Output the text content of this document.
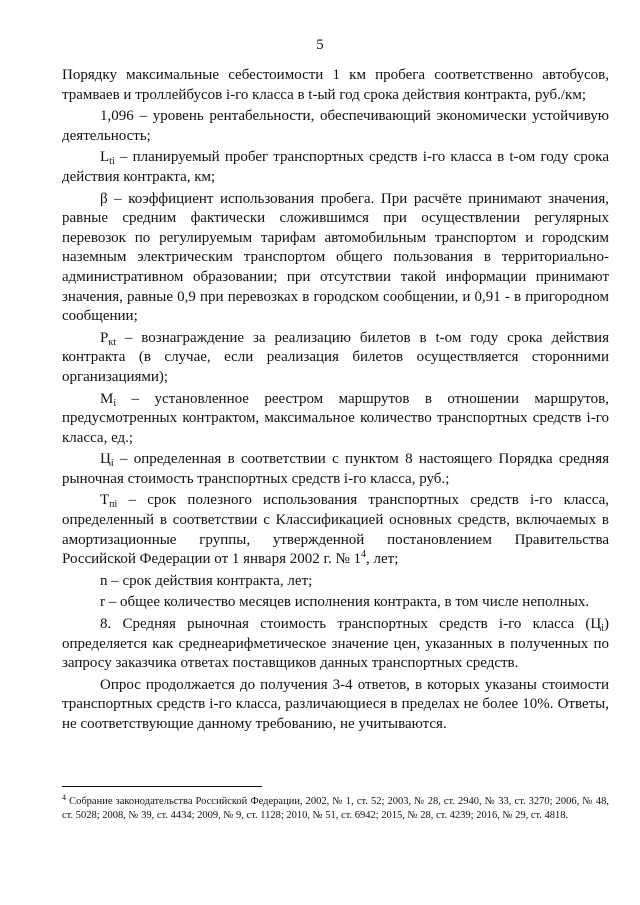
5

Порядку максимальные себестоимости 1 км пробега соответственно автобусов, трамваев и троллейбусов i-го класса в t-ый год срока действия контракта, руб./км;

1,096 – уровень рентабельности, обеспечивающий экономически устойчивую деятельность;

$L_{ti}$ – планируемый пробег транспортных средств i-го класса в t-ом году срока действия контракта, км;

β – коэффициент использования пробега. При расчёте принимают значения, равные средним фактически сложившимся при осуществлении регулярных перевозок по регулируемым тарифам автомобильным транспортом и городским наземным электрическим транспортом общего пользования в территориально-административном образовании; при отсутствии такой информации принимают значения, равные 0,9 при перевозках в городском сообщении, и 0,91 - в пригородном сообщении;

$Р_{кt}$ – вознаграждение за реализацию билетов в t-ом году срока действия контракта (в случае, если реализация билетов осуществляется сторонними организациями);

$М_i$ – установленное реестром маршрутов в отношении маршрутов, предусмотренных контрактом, максимальное количество транспортных средств i-го класса, ед.;

$Ц_i$ – определенная в соответствии с пунктом 8 настоящего Порядка средняя рыночная стоимость транспортных средств i-го класса, руб.;

$Т_{пi}$ – срок полезного использования транспортных средств i-го класса, определенный в соответствии с Классификацией основных средств, включаемых в амортизационные группы, утвержденной постановлением Правительства Российской Федерации от 1 января 2002 г. № $1^4$, лет;

n – срок действия контракта, лет;

r – общее количество месяцев исполнения контракта, в том числе неполных.

8. Средняя рыночная стоимость транспортных средств i-го класса $(Ц_i)$ определяется как среднеарифметическое значение цен, указанных в полученных по запросу заказчика ответах поставщиков данных транспортных средств.

Опрос продолжается до получения 3-4 ответов, в которых указаны стоимости транспортных средств i-го класса, различающиеся в пределах не более 10%. Ответы, не соответствующие данному требованию, не учитываются.

$^4$ Собрание законодательства Российской Федерации, 2002, № 1, ст. 52; 2003, № 28, ст. 2940, № 33, ст. 3270; 2006, № 48, ст. 5028; 2008, № 39, ст. 4434; 2009, № 9, ст. 1128; 2010, № 51, ст. 6942; 2015, № 28, ст. 4239; 2016, № 29, ст. 4818.
